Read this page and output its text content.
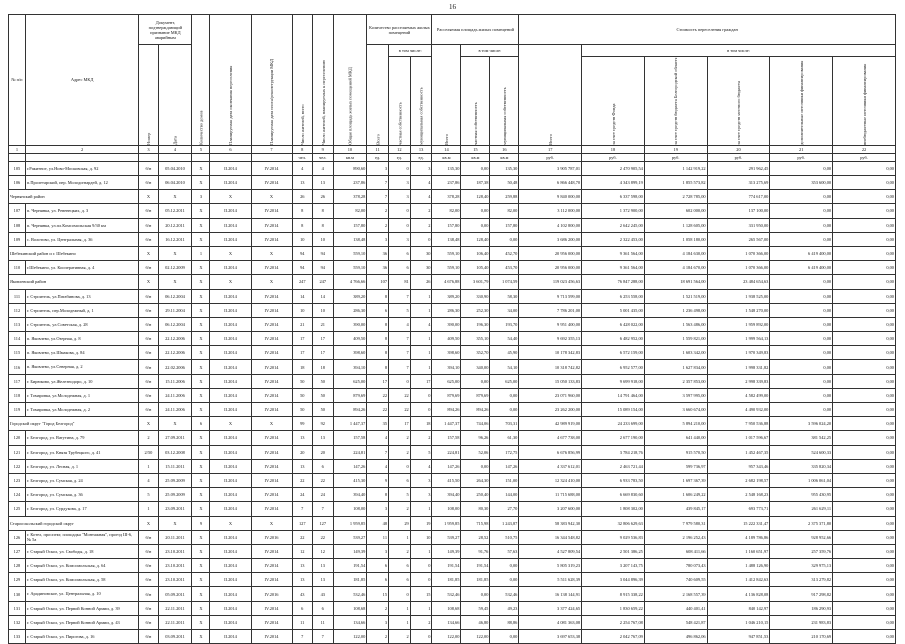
16
№ п/п	Адрес МКД	Документ, подтверждающий признание МКД аварийным		Количество домов	Планируемая дата окончания переселения	Планируемая дата сноса/реконструкции МКД	Число жителей, всего	Число жителей, планируемых к переселению	Общая площадь жилых помещений МКД	Количество расселяемых жилых помещений			Расселяемая площадь жилых помещений			Стоимость переселения граждан					
		Номер	Дата							Всего	в том числе:		Всего	в том числе:		Всего	в том числе:				
											частная собственность	муниципальная собственность		частная собственность	муниципальная собственность		за счет средств Фонда	за счет средств бюджета Белгородской области	за счет средств местного бюджета	дополнительные источники финансирования	внебюджетные источники финансирования

1	2	3	4	5	6	7	8	9	10	11	12	13	14	15	16	17	18	19	20	21	22
							чел.	чел.	кв.м	ед.	ед.	ед.	кв.м	кв.м	кв.м	руб.	руб.	руб.	руб.	руб.	руб.
105	г.Ракитное, ул.Ново-Московская, д. 92	б/н	05.04.2010	X	II.2014	IV.2014	4	4	890,60	3	0	3	135,30	0,00	135,30	3 905 787,01	2 470 905,54	1 142 919,22	291 962,45	0,00	0,00
106	п.Пролетарский, пер. Молодогвардей, д. 12	б/н	06.04.2010	X	II.2014	IV.2014	13	13	237,86	7	3	4	237,86	187,38	50,48	6 866 448,70	4 343 899,19	1 855 573,82	313 275,69	353 600,00	0,00
Чернянский район		X	X	3	X	X	26	26	378,28	7	3	4	378,28	128,40	259,88	9 840 000,00	6 337 598,00	2 728 785,00	774 617,00	0,00	0,00
107	п. Чернянка, ул. Ревенецких, д. 3	б/н	05.12.2011	X	II.2014	IV.2014	8	8	82,00	2	0	2	82,00	0,00	82,00	3 112 000,00	1 372 900,00	602 000,00	137 100,00	0,00	0,00
108	п. Чернянка, ул.пл.Комсомольская 9/30 км	б/н	20.12.2011	X	II.2014	IV.2014	8	8	157,80	2	0	2	157,80	0,00	157,80	4 102 800,00	2 642 245,00	1 128 605,00	331 950,00	0,00	0,00
109	с. Волотово, ул. Центральная, д. 36	б/н	16.12.2011	X	II.2014	IV.2014	10	10	138,48	3	3	0	138,48	128,40	0,00	3 686 200,00	2 322 453,00	1 058 180,00	265 567,00	0,00	0,00
Шебекинский район и г. Шебекино		X	X	1	X	X	94	94	559,10	36	6	30	559,10	106,40	452,70	20 956 000,00	9 361 564,00	4 184 630,00	1 070 366,00	6 419 400,00	0,00
110	г.Шебекино, ул. Кооперативная, д. 4	б/н	02.12.2009	X	II.2014	IV.2014	94	94	559,10	36	6	30	559,10	105,40	453,70	20 956 000,00	9 361 564,00	4 184 670,00	1 070 366,00	6 419 400,00	0,00
Яковлевский район		X	X	X	X	X	247	247	4 766,66	107	81	26	4 676,88	3 601,79	1 074,59	119 023 456,63	76 847 288,00	18 691 564,00	23 484 654,63	0,00	0,00
111	г. Строитель, ул.Патабинова, д. 13	б/н	06.12.2004	X	II.2014	IV.2014	14	14	389,20	8	7	1	389,20	330,90	58,30	9 713 599,00	6 253 558,00	1 521 519,00	1 938 525,00	0,00	0,00
112	г. Строитель, пер.Молодежный, д. 1	б/н	29.11.2004	X	II.2014	IV.2014	10	10	286,30	6	5	1	286,30	252,30	34,00	7 786 201,00	5 001 435,00	1 236 498,00	1 548 270,00	0,00	0,00
113	г. Строитель, ул.Советская, д. 28	б/н	06.12.2004	X	II.2014	IV.2014	21	21	390,00	8	4	4	390,00	196,30	193,70	9 951 400,00	6 428 022,00	1 563 486,00	1 959 892,00	0,00	0,00
114	п. Яковлево, ул.Озерная, д. 8	б/н	22.12.2006	X	II.2014	IV.2014	17	17	409,50	8	7	1	409,50	355,10	54,40	9 692 355,13	6 482 952,00	1 559 821,00	1 999 564,13	0,00	0,00
115	п. Яковлево, ул.Шмакова, д. 84	б/н	22.12.2006	X	II.2014	IV.2014	17	17	398,60	8	7	1	398,60	352,70	45,90	10 178 342,83	6 572 159,00	1 603 342,00	1 970 349,83	0,00	0,00
116	п. Яковлево, ул.Северная, д. 2	б/н	22.02.2006	X	II.2014	IV.2014	18	18	394,10	8	7	1	394,10	340,00	54,10	10 318 742,82	6 952 577,00	1 627 834,00	1 998 331,82	0,00	0,00
117	г. Бирюково, ул.Железнодоро, д. 10	б/н	15.11.2006	X	II.2014	IV.2014	50	50	625,00	17	0	17	625,00	0,00	625,00	15 050 133,83	9 699 918,00	2 357 853,00	2 998 339,83	0,00	0,00
118	г. Томаровка, ул.Молодежная, д. 1	б/н	24.11.2006	X	II.2014	IV.2014	50	50	879,69	22	22	0	879,69	879,69	0,00	23 071 960,00	14 791 464,00	3 597 995,00	4 582 499,00	0,00	0,00
119	г. Томаровка, ул.Молодежная, д. 2	б/н	24.11.2006	X	II.2014	IV.2014	50	50	894,26	22	22	0	894,26	894,26	0,00	23 262 200,00	15 089 154,00	3 660 674,00	4 490 932,00	0,00	0,00
Городской округ "Город Белгород"		X	X	6	X	X	99	92	1 447,37	35	17	18	1 447,37	744,06	703,31	42 989 919,00	24 233 699,00	5 894 210,00	7 950 536,88	3 596 024,20	0,00
120	г. Белгород, ул. Ватутина, д. 79	2	27.09.2011	X	II.2014	IV.2014	13	13	157,58	4	2	2	157,58	96,26	61,30	4 677 738,00	2 677 190,00	641 440,00	1 017 596,67	381 542,25	0,00
121	г. Белгород, ул. Князя Трубецкого, д. 41	2/50	03.12.2008	X	II.2014	IV.2014	20	20	224,81	7	2	5	224,81	52,06	172,75	6 676 856,99	3 784 218,76	915 570,50	1 452 467,35	524 600,33	0,00
122	г. Белгород, ул. Лесная, д. 1	1	15.11.2011	X	II.2014	IV.2014	13	6	147,26	4	0	4	147,26	0,00	147,26	4 337 612,01	2 463 721,44	599 736,97	957 343,46	335 820,34	0,00
123	г. Белгород, ул. Сумская, д. 24	4	25.09.2009	X	II.2014	IV.2014	22	22	415,30	9	6	3	415,50	264,30	151,00	12 324 410,00	6 933 783,50	1 697 367,39	2 682 198,57	1 006 061,04	0,00
124	г. Белгород, ул. Сумская, д. 36	5	25.09.2009	X	II.2014	IV.2014	24	24	394,40	8	5	3	394,40	250,40	144,00	11 715 688,00	6 669 830,60	1 606 249,22	2 548 168,23	955 430,95	0,00
125	г. Белгород, ул. Сурдукова, д. 17	1	23.09.2011	X	II.2014	IV.2014	7	7	108,00	3	2	1	108,00	80,30	27,70	3 207 600,00	1 808 302,00	439 845,17	693 773,71	261 629,11	0,00
Старооскольский городской округ		X	X	9	X	X	127	127	1 959,85	48	29	19	1 959,85	715,98	1 243,87	58 383 942,30	32 806 629,63	7 979 580,31	15 222 331,47	2 375 371,80	0,00
126	г. Котел, проспект, площадка "Монтажная", проезд Ш-6, № 5а	б/н	20.11.2011	X	II.2014	IV.2016	22	22	539,27	11	1	10	539,27	28,52	510,75	16 344 548,82	9 029 536,83	2 196 252,43	4 189 786,86	928 952,66	0,00
127	г. Старый Оскол, ул. Свободы, д. 18	б/н	23.10.2011	X	II.2014	IV.2014	12	12	149,39	3	2	1	149,39	91,76	57,63	4 527 809,54	2 501 386,25	608 411,66	1 160 651,97	257 359,76	0,00
128	г. Старый Оскол, ул. Комсомольская, д. 64	б/н	23.10.2011	X	II.2014	IV.2014	13	13	191,54	6	6	0	191,54	191,54	0,00	5 805 319,23	3 207 143,75	780 073,43	1 488 126,90	329 975,13	0,00
129	г. Старый Оскол, ул. Комсомольская, д. 58	б/н	23.10.2011	X	II.2014	IV.2014	13	13	181,85	6	6	0	181,85	181,85	0,00	5 511 628,39	3 044 896,39	740 609,55	1 412 842,63	313 279,82	0,00
130	г. Арадиновское, ул. Центральная, д. 10	б/н	05.09.2011	X	II.2014	IV.2016	43	43	532,46	15	0	15	532,46	0,00	532,46	16 138 144,91	8 915 338,22	2 168 557,39	4 136 828,08	917 298,82	0,00
131	г. Старый Оскол, ул. Первой Конной Армии, д. 39	б/н	22.11.2011	X	II.2014	IV.2014	6	6	108,68	2	1	1	108,68	59,45	49,23	3 377 424,65	1 830 659,22	440 401,41	840 142,97	186 290,93	0,00
132	г. Старый Оскол, ул. Первой Конной Армии, д. 43	б/н	22.11.2011	X	II.2014	IV.2014	11	11	134,66	3	1	2	134,66	46,80	88,86	4 081 363,08	2 254 767,08	548 421,87	1 046 210,15	231 983,83	0,00
133	г. Старый Оскол, ул. Пирогова, д. 16	б/н	03.09.2011	X	II.2014	IV.2014	7	7	122,00	2	2	0	122,00	122,00	0,00	3 697 653,38	2 042 767,09	496 862,06	947 851,53	210 170,69	0,00
